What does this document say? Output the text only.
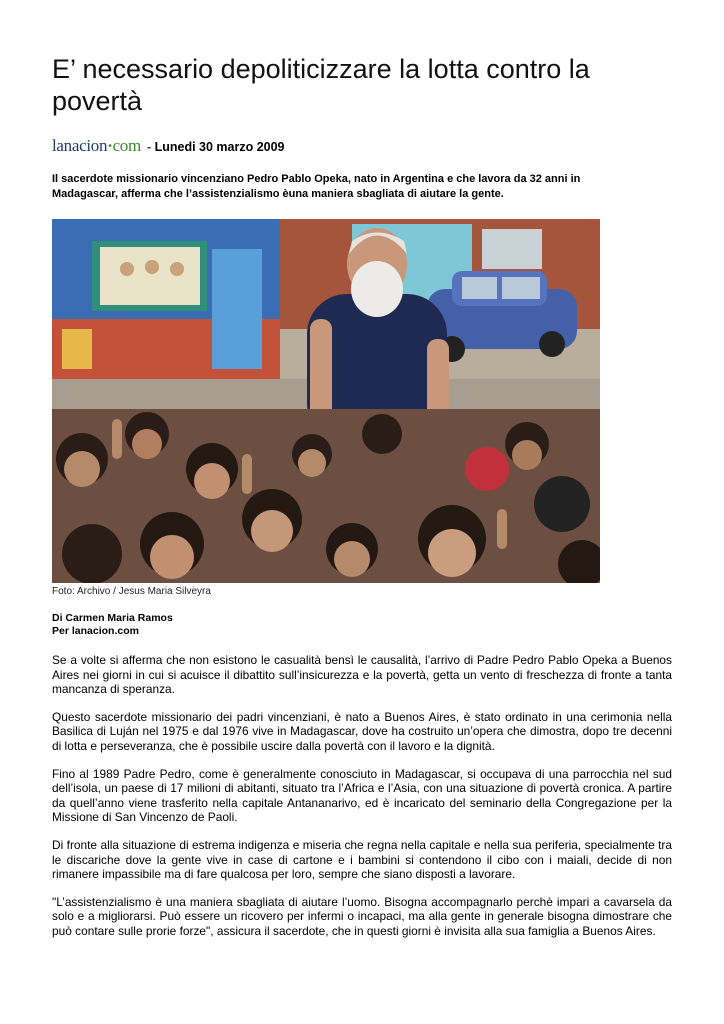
E’ necessario depoliticizzare la lotta contro la povertà
lanacion·com - Lunedi 30 marzo 2009

Il sacerdote missionario vincenziano Pedro Pablo Opeka, nato in Argentina e che lavora da 32 anni in Madagascar, afferma che l’assistenzialismo èuna maniera sbagliata di aiutare la gente.

Foto: Archivo / Jesus Maria Silveyra

Di Carmen Maria Ramos
Per lanacion.com

Se a volte si afferma che non esistono le casualità bensì le causalità, l’arrivo di Padre Pedro Pablo Opeka a Buenos Aires nei giorni in cui si acuisce il dibattito sull’insicurezza e la povertà, getta un vento di freschezza di fronte a tanta mancanza di speranza.

Questo sacerdote missionario dei padri vincenziani, è nato a Buenos Aires, è stato ordinato in una cerimonia nella Basilica di Luján nel 1975 e dal 1976 vive in Madagascar, dove ha costruito un’opera che dimostra, dopo tre decenni di lotta e perseveranza, che è possibile uscire dalla povertà con il lavoro e la dignità.

Fino al 1989 Padre Pedro, come è generalmente conosciuto in Madagascar, si occupava di una parrocchia nel sud dell’isola, un paese di 17 milioni di abitanti, situato tra l’Africa e l’Asia, con una situazione di povertà cronica. A partire da quell’anno viene trasferito nella capitale Antananarivo, ed è incaricato del seminario della Congregazione per la Missione di San Vincenzo de Paoli.

Di fronte alla situazione di estrema indigenza e miseria che regna nella capitale e nella sua periferia, specialmente tra le discariche dove la gente vive in case di cartone e i bambini si contendono il cibo con i maiali, decide di non rimanere impassibile ma di fare qualcosa per loro, sempre che siano disposti a lavorare.

"L’assistenzialismo è una maniera sbagliata di aiutare l’uomo. Bisogna accompagnarlo perchè impari a cavarsela da solo e a migliorarsi. Può essere un ricovero per infermi o incapaci, ma alla gente in generale bisogna dimostrare che può contare sulle prorie forze", assicura il sacerdote, che in questi giorni è invisita alla sua famiglia a Buenos Aires.
